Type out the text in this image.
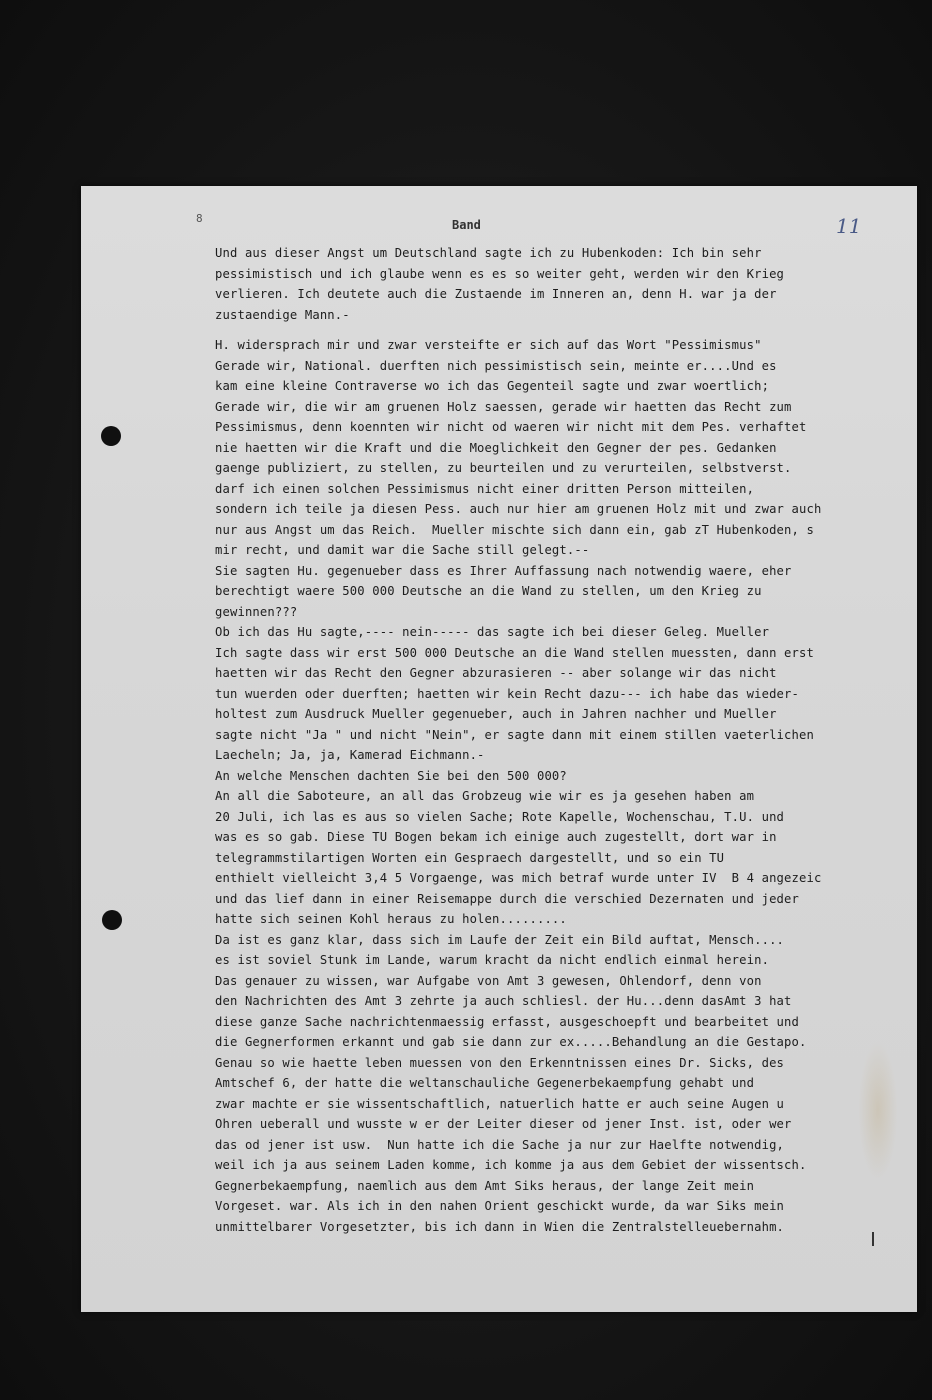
8	Band	11
Und aus dieser Angst um Deutschland sagte ich zu Hubenkoden: Ich bin sehr
pessimistisch und ich glaube wenn es es so weiter geht, werden wir den Krieg
verlieren. Ich deutete auch die Zustaende im Inneren an, denn H. war ja der
zustaendige Mann.-
H. widersprach mir und zwar versteifte er sich auf das Wort "Pessimismus"
Gerade wir, National. duerften nich pessimistisch sein, meinte er....Und es
kam eine kleine Contraverse wo ich das Gegenteil sagte und zwar woertlich;
Gerade wir, die wir am gruenen Holz saessen, gerade wir haetten das Recht zum
Pessimismus, denn koennten wir nicht od waeren wir nicht mit dem Pes. verhaftet
nie haetten wir die Kraft und die Moeglichkeit den Gegner der pes. Gedanken
gaenge publiziert, zu stellen, zu beurteilen und zu verurteilen, selbstverst.
darf ich einen solchen Pessimismus nicht einer dritten Person mitteilen,
sondern ich teile ja diesen Pess. auch nur hier am gruenen Holz mit und zwar auch
nur aus Angst um das Reich.  Mueller mischte sich dann ein, gab zT Hubenkoden, s
mir recht, und damit war die Sache still gelegt.--
Sie sagten Hu. gegenueber dass es Ihrer Auffassung nach notwendig waere, eher
berechtigt waere 500 000 Deutsche an die Wand zu stellen, um den Krieg zu
gewinnen???
Ob ich das Hu sagte,---- nein----- das sagte ich bei dieser Geleg. Mueller
Ich sagte dass wir erst 500 000 Deutsche an die Wand stellen muessten, dann erst
haetten wir das Recht den Gegner abzurasieren -- aber solange wir das nicht
tun wuerden oder duerften; haetten wir kein Recht dazu--- ich habe das wieder-
holtest zum Ausdruck Mueller gegenueber, auch in Jahren nachher und Mueller
sagte nicht "Ja " und nicht "Nein", er sagte dann mit einem stillen vaeterlichen
Laecheln; Ja, ja, Kamerad Eichmann.-
An welche Menschen dachten Sie bei den 500 000?
An all die Saboteure, an all das Grobzeug wie wir es ja gesehen haben am
20 Juli, ich las es aus so vielen Sache; Rote Kapelle, Wochenschau, T.U. und
was es so gab. Diese TU Bogen bekam ich einige auch zugestellt, dort war in
telegrammstilartigen Worten ein Gespraech dargestellt, und so ein TU
enthielt vielleicht 3,4 5 Vorgaenge, was mich betraf wurde unter IV  B 4 angezeic
und das lief dann in einer Reisemappe durch die verschied Dezernaten und jeder
hatte sich seinen Kohl heraus zu holen.........
Da ist es ganz klar, dass sich im Laufe der Zeit ein Bild auftat, Mensch....
es ist soviel Stunk im Lande, warum kracht da nicht endlich einmal herein.
Das genauer zu wissen, war Aufgabe von Amt 3 gewesen, Ohlendorf, denn von
den Nachrichten des Amt 3 zehrte ja auch schliesl. der Hu...denn dasAmt 3 hat
diese ganze Sache nachrichtenmaessig erfasst, ausgeschoepft und bearbeitet und
die Gegnerformen erkannt und gab sie dann zur ex.....Behandlung an die Gestapo.
Genau so wie haette leben muessen von den Erkenntnissen eines Dr. Sicks, des
Amtschef 6, der hatte die weltanschauliche Gegenerbekaempfung gehabt und
zwar machte er sie wissentschaftlich, natuerlich hatte er auch seine Augen u
Ohren ueberall und wusste w er der Leiter dieser od jener Inst. ist, oder wer
das od jener ist usw.  Nun hatte ich die Sache ja nur zur Haelfte notwendig,
weil ich ja aus seinem Laden komme, ich komme ja aus dem Gebiet der wissentsch.
Gegnerbekaempfung, naemlich aus dem Amt Siks heraus, der lange Zeit mein
Vorgeset. war. Als ich in den nahen Orient geschickt wurde, da war Siks mein
unmittelbarer Vorgesetzter, bis ich dann in Wien die Zentralstelleuebernahm.
